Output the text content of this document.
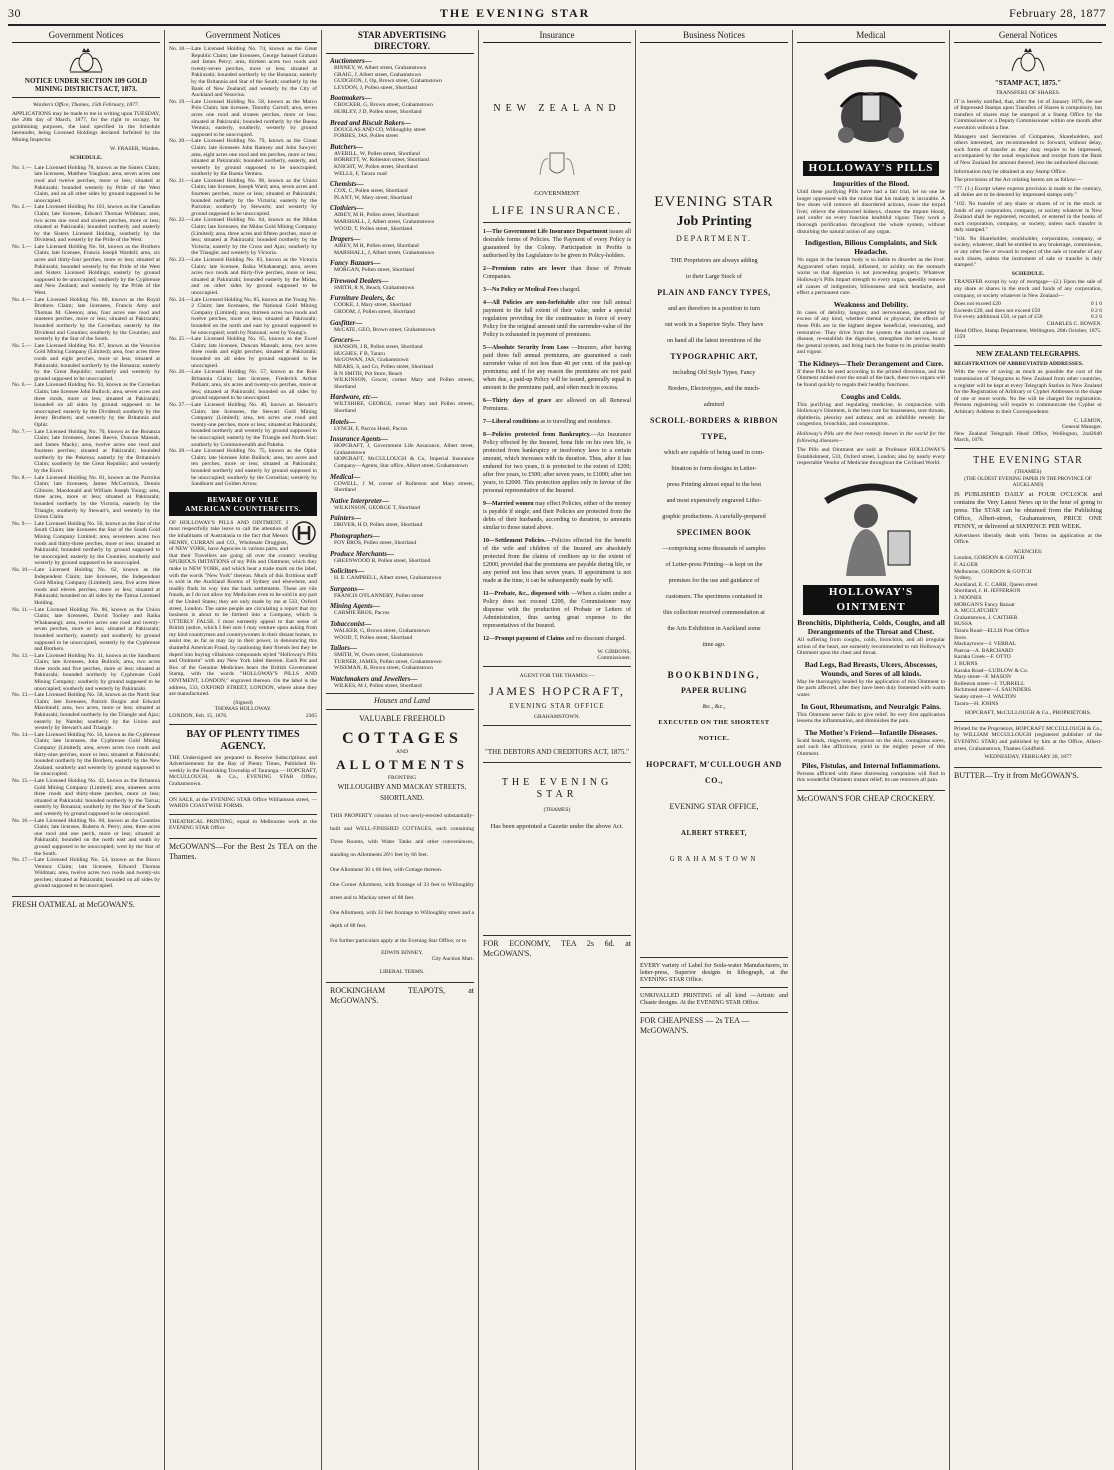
30	THE EVENING STAR	February 28, 1877
Government Notices
NOTICE UNDER SECTION 109 GOLD MINING DISTRICTS ACT, 1873.
Warden's Office, Thames, 15th February, 1877.
APPLICATIONS may be made to me in writing upon TUESDAY, the 20th day of March, 1877, for the right to occupy, for goldmining purposes, the land specified in the Schedule hereunder, being Licensed Holdings declared forfeited by the Mining Inspector.
W. FRASER, Warden.
SCHEDULE.
No. 1.—	Late Licensed Holding 78, known as the Sisters Claim; late licensees, Matthew Vaughan; area, seven acres one rood and twelve perches, more or less; situated at Pakirarahi; bounded westerly by Pride of the West Claim, and on all other sides by ground supposed to be unoccupied.
No. 2.—	Late Licensed Holding No 103, known as the Canadian Claim; late licensee, Edward Thomas Wildman; area, two acres one rood and sixteen perches, more or less; situated at Pakirarahi; bounded northerly and easterly by the Sisters Licensed Holding, southerly by the Dividend, and westerly by the Pride of the West.
No. 3.—	Late Licensed Holding No. 84, known as the Brothers Claim; late licensee, Francis Joseph Wardell; area, six acres and thirty-four perches, more or less; situated at Pakirarahi; bounded westerly by the Pride of the West and Sisters Licensed Holdings; easterly by ground supposed to be unoccupied; southerly by the Cyphreuse and New Zealand; and westerly by the Pride of the West.
No. 4.—	Late Licensed Holding No. 80, known as the Royal Brothers Claim; late licensees, Francis Amy and Thomas M. Gleeson; area, four acres one rood and nineteen perches, more or less; situated at Pakirarahi; bounded northerly by the Cornelian; easterly by the Dividend and Counties; southerly by the Counties; and westerly by the Star of the South.
No. 5.—	Late Licensed Holding No. 87, known as the Vesuvius Gold Mining Company (Limited); area, four acres three roods and eight perches, more or less; situated at Pakirarahi; bounded northerly by the Bonanza; easterly by the Great Republic; southerly and westerly by ground supposed to be unoccupied.
No. 6.—	Late Licensed Holding No. 93, known as the Cornelian Claim; late licensee John Bullock; area, seven acres and three roods, more or less; situated at Pakirarahi; bounded on all sides by ground supposed to be unoccupied; easterly by the Dividend; southerly by the Jersey Brothers; and westerly by the Britannia and Ophir.
No. 7.—	Late Licensed Holding No. 70, known as the Bonanza Claim; late licensees, James Reeve, Duncan Mansah, and James Macky; area, twelve acres one rood and fourteen perches; situated at Pakirarahi; bounded northerly by the Pukeroa; easterly by the Britannia's Claim; southerly by the Great Republic; and westerly by the Excel.
No. 8.—	Late Licensed Holding No. 81, known as the Pactolus Claim; late licensees, James McCormick, Dennis Gilmore, Macdonald and William Joseph Young; area, three acres, more or less; situated at Pakirarahi; bounded northerly by the Victoria, easterly by the Triangle, southerly by Stewart's, and westerly by the Union Claim.
No. 9.—	Late Licensed Holding No. 50, known as the Star of the South Claim; late licensees the Star of the South Gold Mining Company Limited; area, seventeen acres two roods and thirty-three perches, more or less; situated at Pakirarahi; bounded northerly by ground supposed to be unoccupied; easterly by the Counties; southerly and westerly by ground supposed to be unoccupied.
No. 10.—	Late Licensed Holding No. 62, known as the Independent Claim; late licensees, the Independent Gold Mining Company (Limited); area, five acres three roods and eleven perches, more or less; situated at Pakirarahi; bounded on all sides by the Tairua Licensed Holding.
No. 11.—	Late Licensed Holding No. 86, known as the Union Claim; late licensees, David Toohey and Raika Whakaeangi; area, twelve acres one rood and twenty-seven perches, more or less; situated at Pakirarahi; bounded northerly, easterly and southerly by ground supposed to be unoccupied, westerly by the Cyphreuse and Brothers.
No. 12.—	Late Licensed Holding No. 41, known as the Sandhurst Claim; late licensees, John Bullock; area, two acres three roods and five perches, more or less; situated at Pakirarahi; bounded northerly by Cyphreuse Gold Mining Company; southerly by ground supposed to be unoccupied; southerly and westerly by Pakirarahi.
No. 13.—	Late Licensed Holding No. 58, known as the North Star Claim; late licensees, Patrick Burgin and Edward Macdonell; area, two acres, more or less; situated at Pakirarahi; bounded northerly by the Triangle and Ajax; easterly by Nambe; southerly by the Union and westerly by Stewart's and Triangle.
No. 14.—	Late Licensed Holding No. 56, known as the Cyphreuse Claim; late licensees, the Cyphreuse Gold Mining Company (Limited); area, seven acres two roods and thirty-nine perches, more or less; situated at Pakirarahi; bounded northerly by the Brothers, easterly by the New Zealand, southerly and westerly by ground supposed to be unoccupied.
No. 15.—	Late Licensed Holding No. 42, known as the Britannia Gold Mining Company (Limited); area, nineteen acres three roods and thirty-three perches, more or less; situated at Pakirarahi; bounded northerly by the Tairua; easterly by Bonanza; southerly by the Star of the South and westerly by ground supposed to be unoccupied.
No. 16.—	Late Licensed Holding No. 60, known as the Counties Claim; late licensee, Rubens A. Perry; area, three acres one rood and one perch, more or less; situated at Pakirarahi; bounded on the north east and south by ground supposed to be unoccupied; west by the Star of the South.
No. 17.—	Late Licensed Holding No. 54, known as the Bosco Ventura Claim; late licensee, Edward Thomas Wildman; area, twelve acres two roods and twenty-six perches; situated at Pakirarahi; bounded on all sides by ground supposed to be unoccupied.
FRESH OATMEAL at McGOWAN'S.
Government Notices
No. 18.—	Late Licensed Holding No. 74, known as the Great Republic Claim; late licensees, George Samuel Graham and James Percy; area, thirteen acres two roods and twenty-seven perches, more or less; situated at Pakirarahi; bounded northerly by the Bonanza; easterly by the Britannia and Star of the South; southerly by the Bank of New Zealand; and westerly by the City of Auckland and Vesuvius.
No. 19.—	Late Licensed Holding No. 58, known as the Marco Polo Claim; late licensee, Timothy Carroll; area, seven acres one rood and sixteen perches, more or less; situated at Pakirarahi; bounded northerly by the Buena Ventura; easterly, southerly, westerly by ground supposed to be unoccupied.
No. 20.—	Late Licensed Holding No. 79, known as the Count Claim; late licensees John Ramsey and John Sawyer; area, eight acres one rood and ten perches, more or less; situated at Pakirarahi; bounded northerly, easterly, and westerly by ground supposed to be unoccupied; southerly by the Buena Ventura.
No. 21.—	Late Licensed Holding No. 90, known as the Union Claim; late licensee, Joseph Ward; area, seven acres and fourteen perches, more or less; situated at Pakirarahi; bounded northerly by the Victoria; easterly by the Pactolus; southerly by Stewarts; and westerly by ground supposed to be unoccupied.
No. 22.—	Late Licensed Holding No. 64, known as the Midas Claim; late licensees, the Midas Gold Mining Company (Limited); area, three acres and fifteen perches, more or less; situated at Pakirarahi; bounded northerly by the Victoria; easterly by the Cross and Ajax; southerly by the Triangle; and westerly by Victoria.
No. 23.—	Late Licensed Holding No. 83, known as the Victoria Claim; late licensee, Raika Whakaeangi; area, seven acres two roods and thirty-five perches, more or less; situated at Pakirarahi; bounded easterly by the Midas, and on other sides by ground supposed to be unoccupied.
No. 24.—	Late Licensed Holding No. 85, known as the Young No. 2 Claim; late licensees, the National Gold Mining Company (Limited); area, thirteen acres two roods and twelve perches, more or less; situated at Pakirarahi; bounded on the north and east by ground supposed to be unoccupied; south by National; west by Young's.
No. 25.—	Late Licensed Holding No. 65, known as the Excel Claim; late licensee, Duncan Mansah; area, two acres three roods and eight perches; situated at Pakirarahi; bounded on all sides by ground supposed to be unoccupied.
No. 26.—	Late Licensed Holding No. 57, known as the Rule Britannia Claim; late licensee, Frederick Arthur Pulham; area, six acres and twenty-six perches, more or less; situated at Pakirarahi; bounded on all sides by ground supposed to be unoccupied.
No. 27.—	Late Licensed Holding No. 40, known as Stewart's Claim; late licensees, the Stewart Gold Mining Company (Limited); area, ten acres one rood and twenty-one perches, more or less; situated at Pakirarahi; bounded northerly and westerly by ground supposed to be unoccupied; easterly by the Triangle and North Star; southerly by Commonwealth and Pakeha.
No. 28.—	Late Licensed Holding No. 75, known as the Ophir Claim; late licensee John Bullock; area, ten acres and ten perches, more or less; situated at Pakirarahi; bounded northerly and easterly by ground supposed to be unoccupied; southerly by the Cornelian; westerly by Sandhurst and Golden Arrow.
BEWARE OF VILE
AMERICAN COUNTERFEITS.
OF HOLLOWAY'S PILLS AND OINTMENT. I most respectfully take leave to call the attention of the inhabitants of Australasia to the fact that Messrs HENRY, CURRAN and CO., Wholesale Druggists, of NEW YORK, have Agencies in various parts, and that their Travellers are going all over the country vending SPURIOUS IMITATIONS of my Pills and Ointment, which they make in NEW YORK, and which bear a trade mark on the label, with the words "New York" thereon. Much of this fictitious stuff is sold in the Auckland Rooms of Sydney and elsewhere, and readily finds its way into the back settlements. These are vile frauds, as I do not allow my Medicines even to be sold in any part of the United States; they are only made by me at 533, Oxford street, London. The same people are circulating a report that my business is about to be formed into a Company, which is UTTERLY FALSE. I most earnestly appeal to that sense of British justice, which I feel sure I may venture upon asking from my kind countrymen and countrywomen in their distant homes, to assist me, as far as may lay in their power, in denouncing this shameful American Fraud, by cautioning their friends lest they be duped into buying villainous compounds styled "Holloway's Pills and Ointment" with any New York label thereon. Each Pot and Box of the Genuine Medicines bears the British Government Stamp, with the words "HOLLOWAY'S PILLS AND OINTMENT, LONDON," engraved thereon. On the label is the address, 533, OXFORD STREET, LONDON, where alone they are manufactured.
(Signed)
THOMAS HOLLOWAY.
LONDON, Feb. 15, 1876.	2365
BAY OF PLENTY TIMES AGENCY.
THE Undersigned are prepared to Receive Subscriptions and Advertisements for the Bay of Plenty Times, Published Bi-weekly in the Flourishing Township of Tauranga.— HOPCRAFT, McCULLOUGH, & Co., EVENING STAR Office, Grahamstown.
ON SALE, at the EVENING STAR Office Williamson street, — WARDS COASTWISE FORMS.
THEATRICAL PRINTING, equal to Melbourne work at the EVENING STAR Office
McGOWAN'S—For the Best 2s TEA on the Thames.
STAR ADVERTISING DIRECTORY.
Auctioneers—
BINNEY, W, Albert street, Grahamstown
GRAIG, J, Albert street, Grahamstown
GUDGEON, J, Op, Brown street, Grahamstown
LEYDON, J, Pollen street, Shortland
Bootmakers—
CROCKER, G, Brown street, Grahamstown
HURLEY, J D, Pollen street, Shortland
Bread and Biscuit Bakers—
DOUGLAS AND CO, Willoughby street
FORBES, JAS, Pollen street
Butchers—
AVERILL, W, Pollen street, Shortland
BORRETT, W, Rolleston street, Shortland
KNIGHT, W, Pollen street, Shortland
WELLS, F, Tararu road
Chemists—
COX, C, Pollen street, Shortland
PLANT, W, Mary street, Shortland
Clothiers—
AIREY, M H, Pollen street, Shortland
MARSHALL, J, Albert street, Grahamstown
WOOD, T, Pollen street, Shortland
Drapers—
AIREY, M H, Pollen street, Shortland
MARSHALL, J, Albert street, Grahamstown
Fancy Bazaars—
MORGAN, Pollen street, Shortland
Firewood Dealers—
SMITH, R N, Beach, Grahamstown
Furniture Dealers, &c
COOKE, J, Mary street, Shortland
GROOM, J, Pollen street, Shortland
Gasfitter—
McCATE, GEO, Brown street, Grahamstown
Grocers—
HANSON, J R, Pollen street, Shortland
HUGHES, F B, Tararu
McGOWAN, JAS, Grahamstown
MEARS, S, and Co, Pollen street, Shortland
R N SMITH, Pot Store, Beach
WILKINSON, Grocer, corner Mary and Pollen streets, Shortland
Hardware, etc—
WILTSHIRE, GEORGE, corner Mary and Pollen streets, Shortland
Hotels—
LYNCH, F, Pacros Hotel, Pacros
Insurance Agents—
HOPCRAFT, J, Government Life Assurance, Albert street, Grahamstown
HOPCRAFT, McCULLOUGH & Co, Imperial Insurance Company—Agents, Star office, Albert street, Grahamstown
Medical—
COWELL, J M, corner of Rolleston and Mary streets, Shortland
Native Interpreter—
WILKINSON, GEORGE T, Shortland
Painters—
DRIVER, H D, Pollen street, Shortland
Photographers—
FOY BROS, Pollen street, Shortland
Produce Merchants—
GREENWOOD B, Pollen street, Shortland
Solicitors—
H. E. CAMPBELL, Albert street, Grahamstown
Surgeons—
FRANCIS O'FLANNERY, Pollen street
Mining Agents—
CARMIE BROS, Pacros
Tobacconist—
WALKER, G, Brown street, Grahamstown
WOOD, T, Pollen street, Shortland
Tailors—
SMITH, W, Owen street, Grahamstown
TURNER, JAMES, Pollen street, Grahamstown
WISEMAN, B, Brown street, Grahamstown
Watchmakers and Jewellers—
WILKES, M J, Pollen street, Shortland
Houses and Land
VALUABLE FREEHOLD
COTTAGES
AND
ALLOTMENTS
FRONTING
WILLOUGHBY AND MACKAY STREETS, SHORTLAND.
THIS PROPERTY consists of two newly-erected substantially-built and WELL-FINISHED COTTAGES, each containing Three Rooms, with Water Tanks and other conveniences, standing on Allotments 26½ feet by 66 feet.
One Allotment 30 x 66 feet, with Cottage thereon.
One Corner Allotment, with frontage of 33 feet to Willoughby street and to Mackay street of 88 feet.
One Allotment, with 33 feet frontage to Willoughby street and a depth of 88 feet.
For further particulars apply at the Evening Star Office; or to
EDWIN BINNEY,
City Auction Mart.
LIBERAL TERMS.
ROCKINGHAM TEAPOTS, at McGOWAN'S.
Insurance
NEW ZEALAND
GOVERNMENT
LIFE INSURANCE.

1—The Government Life Insurance Department issues all desirable forms of Policies. The Payment of every Policy is guaranteed by the Colony. Participation in Profits is authorised by the Legislature to be given to Policy-holders.

2—Premium rates are lower than those of Private Companies.

3—No Policy or Medical Fees charged.

4—All Policies are non-forfeitable after one full annual payment to the full extent of their value, under a special regulation providing for the continuance in force of every Policy for the original amount until the surrender-value of the Policy is exhausted in payment of premiums.

5—Absolute Security from Loss —Insurers, after having paid three full annual premiums, are guaranteed a cash surrender value of not less than 40 per cent. of the paid-up premiums; and if for any reason the premiums are not paid when due, a paid-up Policy will be issued, generally equal in amount to the premiums paid, and often much in excess.

6—Thirty days of grace are allowed on all Renewal Premiums.

7—Liberal conditions as to travelling and residence.

8—Policies protected from Bankruptcy.—An Insurance Policy effected by the Insured, bona fide on his own life, is protected from bankruptcy or insolvency laws to a certain amount, which increases with its duration. Thus, after it has endured for two years, it is protected to the extent of £200; after five years, to £500; after seven years, to £1000; after ten years, to £2000. This protection applies only in favour of the personal representative of the Insured.

9—Married women may effect Policies, either of the money is payable if single; and their Policies are protected from the debts of their husbands, according to duration, to amounts similar to those stated above.

10—Settlement Policies.—Policies effected for the benefit of the wife and children of the Insured are absolutely protected from the claims of creditors up to the extent of £2000, provided that the premiums are payable during life, or any period not less than seven years. If appointment is not made at the time, it can be subsequently made by will.

11—Probate, &c., dispensed with —When a claim under a Policy does not exceed £200, the Commissioner may dispense with the production of Probate or Letters of Administration, thus saving great expense to the representatives of the Insured.

12—Prompt payment of Claims and no discount charged.

W. GIBBONS,
Commissioner.
AGENT FOR THE THAMES:—
JAMES HOPCRAFT,
EVENING STAR OFFICE
GRAHAMSTOWN.
"THE DEBTORS AND CREDITORS ACT, 1875."
THE EVENING STAR
(THAMES)
Has been appointed a Gazette under the above Act.
FOR ECONOMY, TEA 2s 6d. at McGOWAN'S.
Business Notices
EVENING STAR
Job Printing
DEPARTMENT.
THE Proprietors are always adding
to their Large Stock of
PLAIN AND FANCY TYPES,
and are therefore in a position to turn
out work in a Superior Style. They have
on hand all the latest inventions of the
TYPOGRAPHIC ART,
including Old Style Types, Fancy
Borders, Electrotypes, and the much-
admired
SCROLL-BORDERS & RIBBON TYPE,
which are capable of being used in com-
bination to form designs in Letter-
press Printing almost equal to the best
and most expensively engraved Litho-
graphic productions. A carefully-prepared
SPECIMEN BOOK
—comprising some thousands of samples
of Letter-press Printing—is kept on the
premises for the use and guidance of
customers. The specimens contained in
this collection received commendation at
the Arts Exhibition in Auckland some
time ago.
BOOKBINDING,
PAPER RULING
&c., &c.,
EXECUTED ON THE SHORTEST
NOTICE.
HOPCRAFT, M'CULLOUGH AND CO.,
EVENING STAR OFFICE,
ALBERT STREET,
GRAHAMSTOWN
EVERY variety of Label for Soda-water Manufacturers, in letter-press, Superior designs in lithograph, at the EVENING STAR Office.
UNRIVALLED PRINTING of all kind —Artistic and Chaste designs. At the EVENING STAR Office.
FOR CHEAPNESS — 2s TEA — McGOWAN'S.
Medical
HOLLOWAY'S PILLS
Impurities of the Blood.
Until these purifying Pills have had a fair trial, let no one be longer oppressed with the notion that his malady is incurable. A few doses will remove all disordered actions, rouse the torpid liver, relieve the obstructed kidneys, cleanse the impure blood, and confer on every function healthful vigour. They work a thorough purification throughout the whole system, without disturbing the natural action of any organ.
Indigestion, Bilious Complaints, and Sick Headache.
No organ in the human body is so liable to disorder as the liver. Aggravated when torpid, inflamed, or acidity on the stomach warns us that digestion is not proceeding properly. Whatever Holloway's Pills impart strength to every organ, speedily remove all causes of indigestion, biliousness and sick headache, and effect a permanent cure.
Weakness and Debility.
In cases of debility, languor, and nervousness, generated by excess of any kind, whether mental or physical, the effects of these Pills are in the highest degree beneficial, renovating, and restorative. They drive from the system the morbid causes of disease, re-establish the digestion, strengthen the nerves, brace the general system, and bring back the frame to its pristine health and vigour.
The Kidneys—Their Derangement and Cure.
If these Pills be used according to the printed directions, and the Ointment rubbed over the small of the back, these two organs will be found quickly to regain their healthy functions.
Coughs and Colds.
This purifying and regulating medicine, in conjunction with Holloway's Ointment, is the best cure for hoarseness, sore throats, diphtheria, pleurisy and asthma; and an infallible remedy for congestion, bronchitis, and consumption.
Holloway's Pills are the best remedy known in the world for the following diseases—
The Pills and Ointment are sold at Professor HOLLOWAY'S Establishment, 533, Oxford street, London; also by nearly every respectable Vendor of Medicine throughout the Civilised World.
HOLLOWAY'S OINTMENT
Bronchitis, Diphtheria, Colds, Coughs, and all Derangements of the Throat and Chest.
All suffering from coughs, colds, bronchitis, and all irregular action of the heart, are earnestly recommended to rub Holloway's Ointment upon the chest and throat.
Bad Legs, Bad Breasts, Ulcers, Abscesses, Wounds, and Sores of all kinds.
May be thoroughly healed by the application of this Ointment to the parts affected, after they have been duly fomented with warm water.
In Gout, Rheumatism, and Neuralgic Pains.
This Ointment never fails to give relief. Its very first application lessens the inflammation, and diminishes the pain.
The Mother's Friend—Infantile Diseases.
Scald heads, ringworm, eruptions on the skin, contagious sores, and such like afflictions, yield to the mighty power of this Ointment.
Piles, Fistulas, and Internal Inflammations.
Persons afflicted with these distressing complaints will find in this wonderful Ointment instant relief; its use removes all pain.
McGOWAN'S FOR CHEAP CROCKERY.
General Notices
"STAMP ACT, 1875."
TRANSFERS OF SHARES.
IT is hereby notified, that, after the 1st of January 1876, the use of Impressed Stamps upon Transfers of Shares is compulsory, but transfers of shares may be stamped at a Stamp Office by the Commissioner or a Deputy Commissioner within one month after execution without a fine.
Managers and Secretaries of Companies, Shareholders, and others interested, are recommended to forward, without delay, such forms of transfer as they may require to be impressed, accompanied by the usual requisition and receipt from the Bank of New Zealand for amount thereof, less the authorised discount.
Information may be obtained at any Stamp Office.
The provisions of the Act relating hereto are as follow:—
"77. (1.) Except where express provision is made to the contrary, all duties are to be denoted by impressed stamps only."
"102. No transfer of any share or shares of or in the stock or funds of any corporation, company, or society whatever in New Zealand shall be registered, recorded, or entered in the books of such corporation, company, or society, unless such transfer is duly stamped."
"104. No Shareholder, stockholder, corporation, company, or society, whatever, shall be entitled to any brokerage, commission, or any other fee or reward in respect of the sale or transfer of any such shares, unless the instrument of sale or transfer is duly stamped."
SCHEDULE.
TRANSFER except by way of mortgage—(2.) Upon the sale of any share or shares in the stock and funds of any corporation, company, or society whatever in New Zealand—
Does not exceed £20	0 1 0
Exceeds £20, and does not exceed £50	0 2 6
For every additional £50, or part of £50	0 2 6
CHARLES C. BOWEN.
Head Office, Stamp Department, Wellington, 20th October, 1875.
1359
NEW ZEALAND TELEGRAPHS.
REGISTRATION OF ABBREVIATED ADDRESSES.
With the view of saving as much as possible the cost of the transmission of Telegrams to New Zealand from other countries, a register will be kept at every Telegraph Station in New Zealand for the Registration of Arbitrary or Cypher Addresses in the shape of one or more words. No fee will be charged for registration. Persons registering will require to communicate the Cypher or Arbitrary Address to their Correspondents.
C. LEMON,
General Manager.
New Zealand Telegraph Head Office, Wellington, 2nd March, 1876.
2040
THE EVENING STAR
(THAMES)
(THE OLDEST EVENING PAPER IN THE PROVINCE OF AUCKLAND)
IS PUBLISHED DAILY at FOUR O'CLOCK and contains the Very Latest News up to the hour of going to press. The STAR can be obtained from the Publishing Office, Albert-street, Grahamstown, PRICE ONE PENNY, or delivered at SIXPENCE PER WEEK.
Advertisers liberally dealt with. Terms on application at the Office.
AGENCIES:
London, GORDON & GOTCH
F. ALGER
Melbourne, GORDON & GOTCH
Sydney,
Auckland, E. C. CARR, Queen street
Shortland, J. H. JEFFERSON
J. NOONES
MORGAN'S Fancy Bazaar
A. MCCLATCHEY
Grahamstown, J. CAITHER
BUSSA
Tararu Road—ELLIS Post Office
Store.
Mackaytown—J. VERRAL
Paeroa—A. BARCHARD
Karaka Creek—F. OTTO
J. BURNS
Karaka Road—LUDLOW & Co.
Mary street—F. MASON
Rolleston street—J. TURRELL
Richmond street—J. SAUNDERS
Sealey street—J. WALTON
Tararu—H. JOHNS
HOPCRAFT, McCULLOUGH & Co., PROPRIETORS.
Printed for the Proprietors, HOPCRAFT MCCULLOUGH & Co., by WILLIAM MCCULLOUGH (registered publisher of the EVENING STAR) and published by him at the Office, Albert-street, Grahamstown, Thames Goldfield.
WEDNESDAY, FEBRUARY 28, 1877
BUTTER—Try it from McGOWAN'S.
